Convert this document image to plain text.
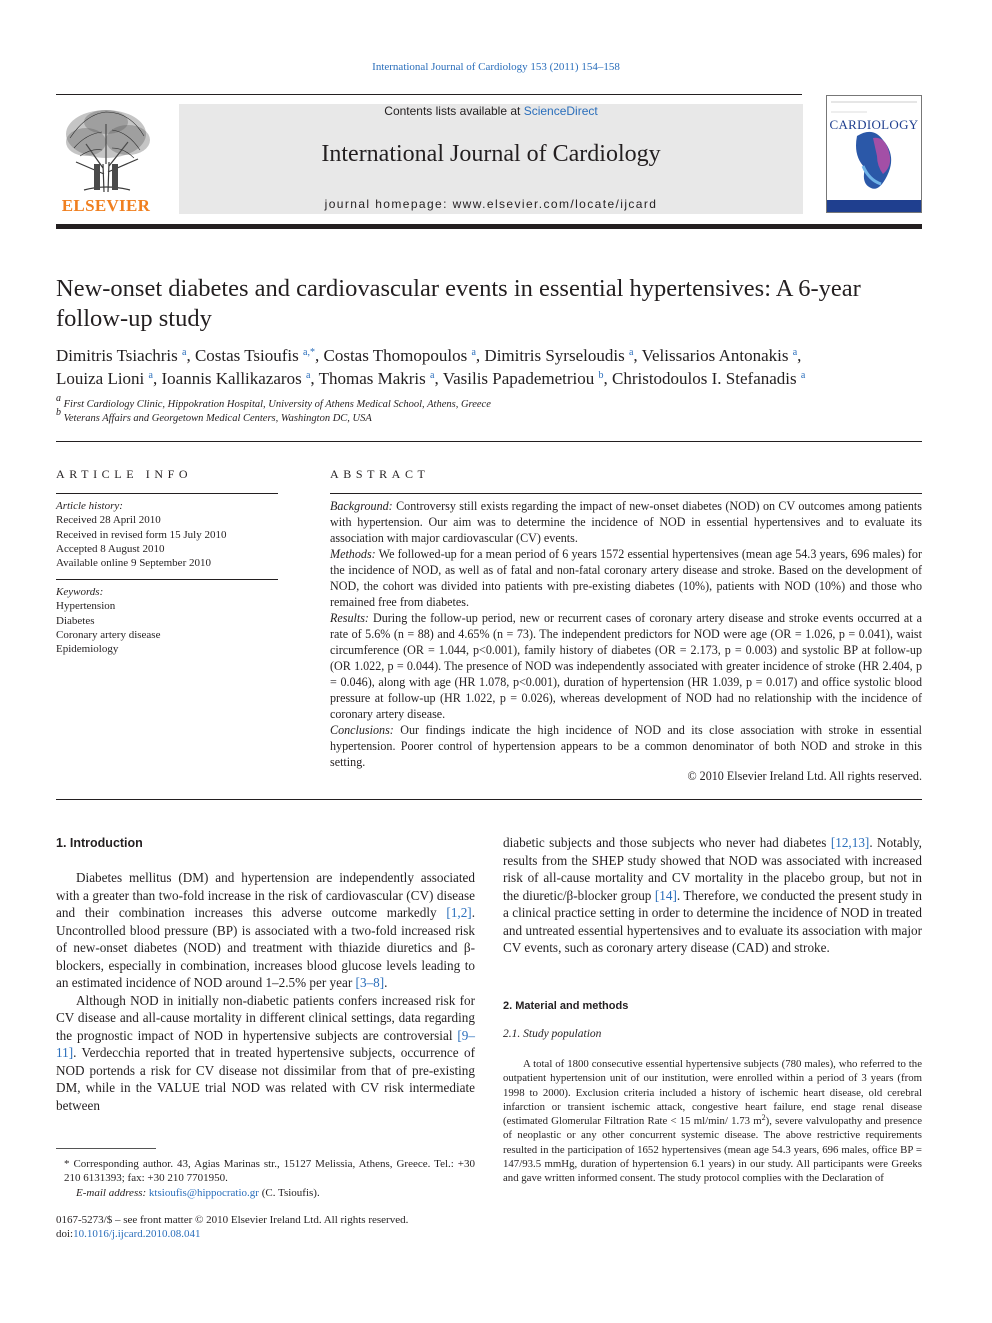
International Journal of Cardiology 153 (2011) 154–158
ELSEVIER
Contents lists available at ScienceDirect
International Journal of Cardiology
journal homepage: www.elsevier.com/locate/ijcard
CARDIOLOGY
New-onset diabetes and cardiovascular events in essential hypertensives: A 6-year follow-up study
Dimitris Tsiachris $^a$, Costas Tsioufis $^{a,*}$, Costas Thomopoulos $^a$, Dimitris Syrseloudis $^a$, Velissarios Antonakis $^a$,
Louiza Lioni $^a$, Ioannis Kallikazaros $^a$, Thomas Makris $^a$, Vasilis Papademetriou $^b$, Christodoulos I. Stefanadis $^a$
$^a$ First Cardiology Clinic, Hippokration Hospital, University of Athens Medical School, Athens, Greece
$^b$ Veterans Affairs and Georgetown Medical Centers, Washington DC, USA
ARTICLE INFO
Article history:
Received 28 April 2010
Received in revised form 15 July 2010
Accepted 8 August 2010
Available online 9 September 2010
Keywords:
Hypertension
Diabetes
Coronary artery disease
Epidemiology
ABSTRACT
Background: Controversy still exists regarding the impact of new-onset diabetes (NOD) on CV outcomes among patients with hypertension. Our aim was to determine the incidence of NOD in essential hypertensives and to evaluate its association with major cardiovascular (CV) events.
Methods: We followed-up for a mean period of 6 years 1572 essential hypertensives (mean age 54.3 years, 696 males) for the incidence of NOD, as well as of fatal and non-fatal coronary artery disease and stroke. Based on the development of NOD, the cohort was divided into patients with pre-existing diabetes (10%), patients with NOD (10%) and those who remained free from diabetes.
Results: During the follow-up period, new or recurrent cases of coronary artery disease and stroke events occurred at a rate of 5.6% (n = 88) and 4.65% (n = 73). The independent predictors for NOD were age (OR = 1.026, p = 0.041), waist circumference (OR = 1.044, p<0.001), family history of diabetes (OR = 2.173, p = 0.003) and systolic BP at follow-up (OR 1.022, p = 0.044). The presence of NOD was independently associated with greater incidence of stroke (HR 2.404, p = 0.046), along with age (HR 1.078, p<0.001), duration of hypertension (HR 1.039, p = 0.017) and office systolic blood pressure at follow-up (HR 1.022, p = 0.026), whereas development of NOD had no relationship with the incidence of coronary artery disease.
Conclusions: Our findings indicate the high incidence of NOD and its close association with stroke in essential hypertension. Poorer control of hypertension appears to be a common denominator of both NOD and stroke in this setting.
© 2010 Elsevier Ireland Ltd. All rights reserved.
1. Introduction

Diabetes mellitus (DM) and hypertension are independently associated with a greater than two-fold increase in the risk of cardiovascular (CV) disease and their combination increases this adverse outcome markedly [1,2]. Uncontrolled blood pressure (BP) is associated with a two-fold increased risk of new-onset diabetes (NOD) and treatment with thiazide diuretics and β-blockers, especially in combination, increases blood glucose levels leading to an estimated incidence of NOD around 1–2.5% per year [3–8].

Although NOD in initially non-diabetic patients confers increased risk for CV disease and all-cause mortality in different clinical settings, data regarding the prognostic impact of NOD in hypertensive subjects are controversial [9–11]. Verdecchia reported that in treated hypertensive subjects, occurrence of NOD portends a risk for CV disease not dissimilar from that of pre-existing DM, while in the VALUE trial NOD was related with CV risk intermediate between

* Corresponding author. 43, Agias Marinas str., 15127 Melissia, Athens, Greece. Tel.: +30 210 6131393; fax: +30 210 7701950.
E-mail address: ktsioufis@hippocratio.gr (C. Tsioufis).
0167-5273/$ – see front matter © 2010 Elsevier Ireland Ltd. All rights reserved.
doi:10.1016/j.ijcard.2010.08.041
diabetic subjects and those subjects who never had diabetes [12,13]. Notably, results from the SHEP study showed that NOD was associated with increased risk of all-cause mortality and CV mortality in the placebo group, but not in the diuretic/β-blocker group [14]. Therefore, we conducted the present study in a clinical practice setting in order to determine the incidence of NOD in treated and untreated essential hypertensives and to evaluate its association with major CV events, such as coronary artery disease (CAD) and stroke.
2. Material and methods
2.1. Study population
A total of 1800 consecutive essential hypertensive subjects (780 males), who referred to the outpatient hypertension unit of our institution, were enrolled within a period of 3 years (from 1998 to 2000). Exclusion criteria included a history of ischemic heart disease, old cerebral infarction or transient ischemic attack, congestive heart failure, end stage renal disease (estimated Glomerular Filtration Rate < 15 ml/min/ 1.73 $m^2$), severe valvulopathy and presence of neoplastic or any other concurrent systemic disease. The above restrictive requirements resulted in the participation of 1652 hypertensives (mean age 54.3 years, 696 males, office BP = 147/93.5 mmHg, duration of hypertension 6.1 years) in our study. All participants were Greeks and gave written informed consent. The study protocol complies with the Declaration of
